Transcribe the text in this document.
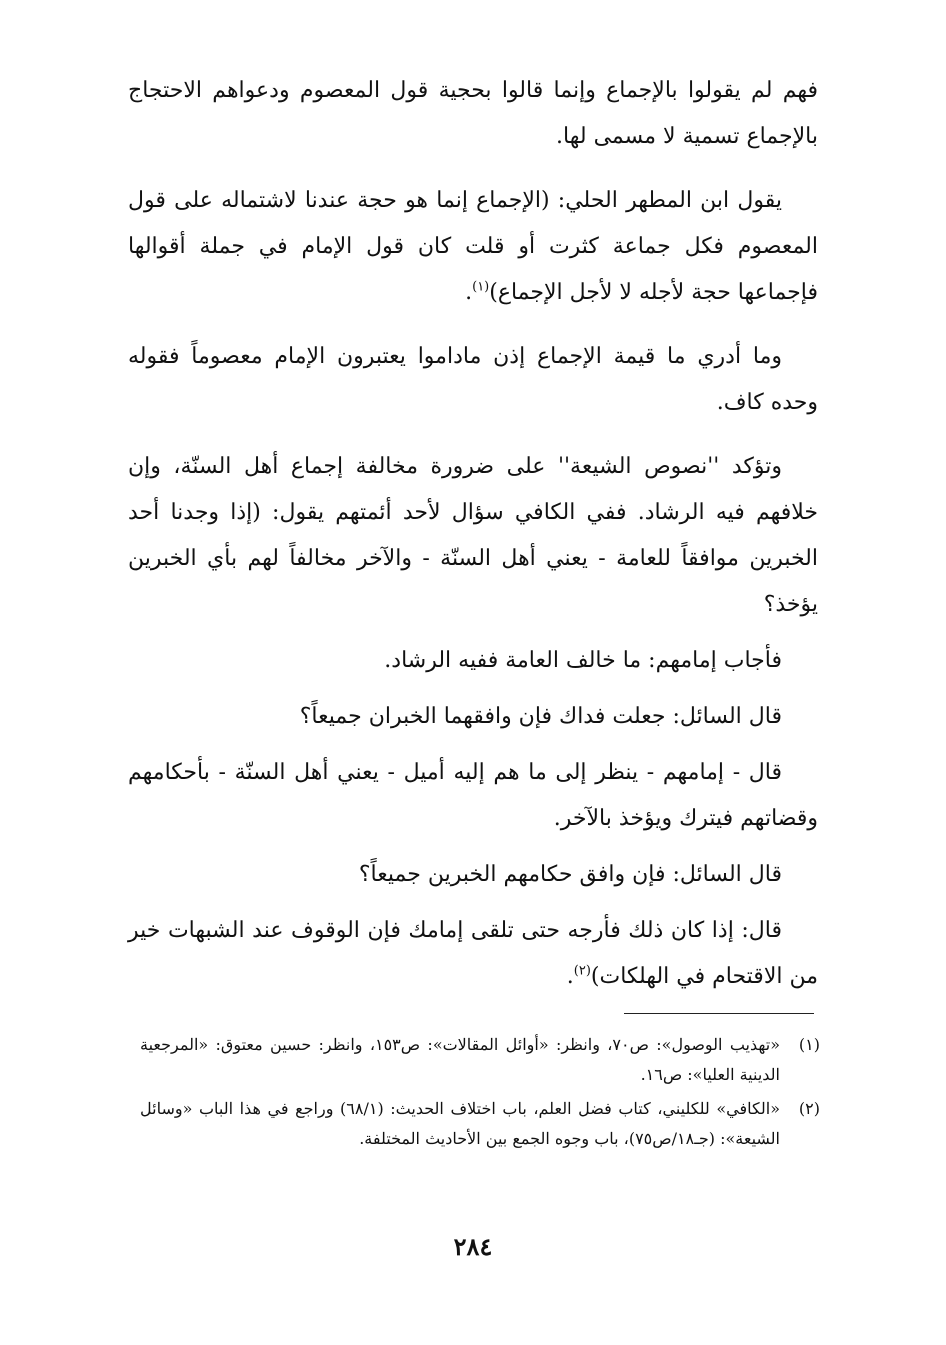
فهم لم يقولوا بالإجماع وإنما قالوا بحجية قول المعصوم ودعواهم الاحتجاج بالإجماع تسمية لا مسمى لها.

يقول ابن المطهر الحلي: (الإجماع إنما هو حجة عندنا لاشتماله على قول المعصوم فكل جماعة كثرت أو قلت كان قول الإمام في جملة أقوالها فإجماعها حجة لأجله لا لأجل الإجماع)$^{(١)}$.

وما أدري ما قيمة الإجماع إذن ماداموا يعتبرون الإمام معصوماً فقوله وحده كاف.

وتؤكد ''نصوص الشيعة'' على ضرورة مخالفة إجماع أهل السنّة، وإن خلافهم فيه الرشاد. ففي الكافي سؤال لأحد أئمتهم يقول: (إذا وجدنا أحد الخبرين موافقاً للعامة - يعني أهل السنّة - والآخر مخالفاً لهم بأي الخبرين يؤخذ؟

فأجاب إمامهم: ما خالف العامة ففيه الرشاد.

قال السائل: جعلت فداك فإن وافقهما الخبران جميعاً؟

قال - إمامهم - ينظر إلى ما هم إليه أميل - يعني أهل السنّة - بأحكامهم وقضاتهم فيترك ويؤخذ بالآخر.

قال السائل: فإن وافق حكامهم الخبرين جميعاً؟

قال: إذا كان ذلك فأرجه حتى تلقى إمامك فإن الوقوف عند الشبهات خير من الاقتحام في الهلكات)$^{(٢)}$.

(١)
«تهذيب الوصول»: ص٧٠، وانظر: «أوائل المقالات»: ص١٥٣، وانظر: حسين معتوق: «المرجعية الدينية العليا»: ص١٦.
(٢)
«الكافي» للكليني، كتاب فضل العلم، باب اختلاف الحديث: (٦٨/١) وراجع في هذا الباب «وسائل الشيعة»: (جـ١٨/ص٧٥)، باب وجوه الجمع بين الأحاديث المختلفة.
٢٨٤
